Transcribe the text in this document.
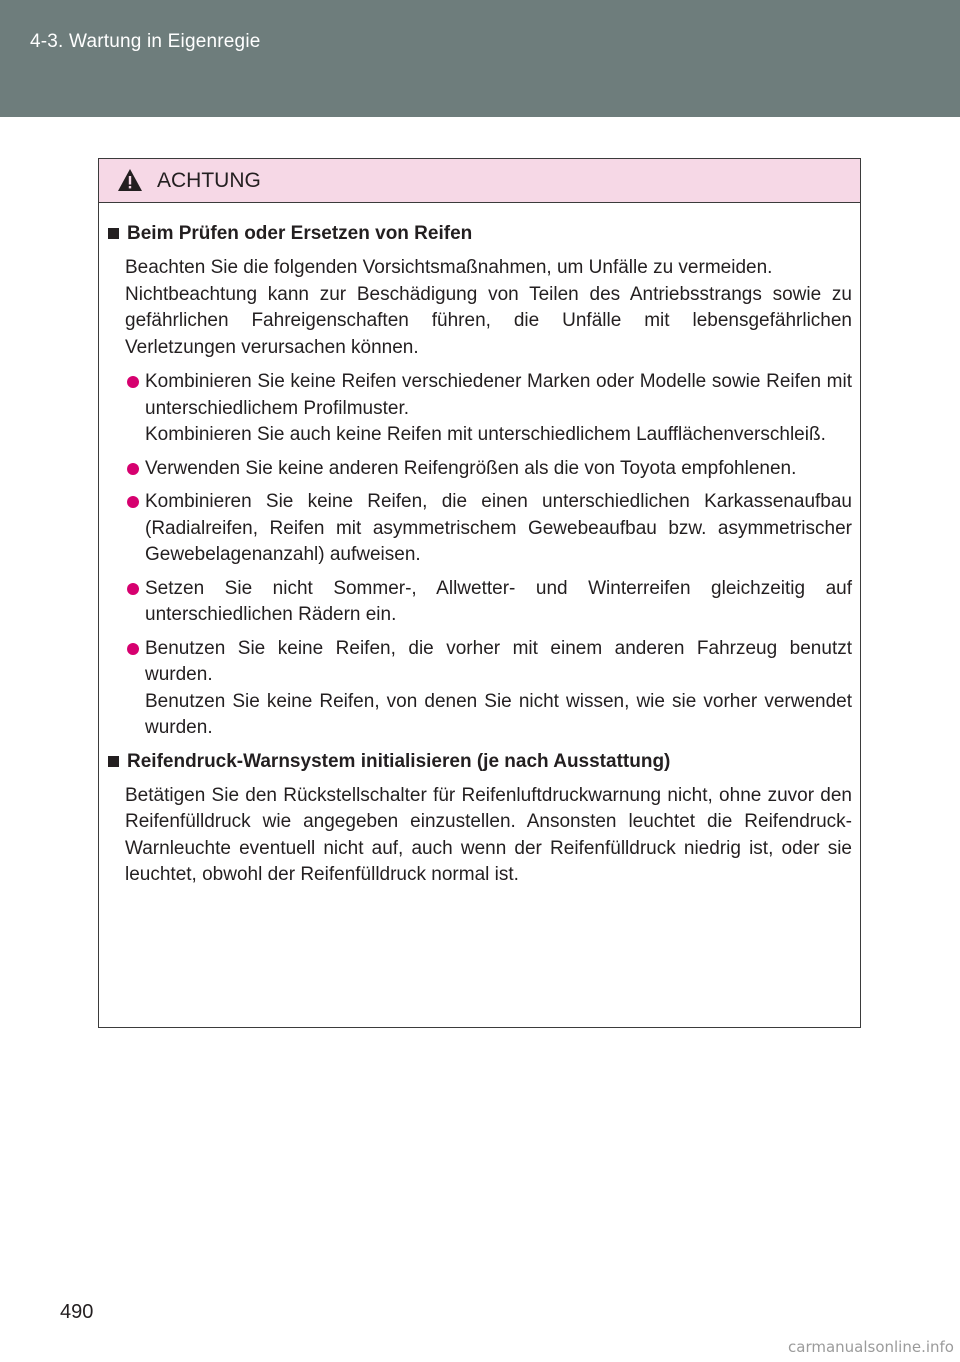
4-3. Wartung in Eigenregie
ACHTUNG
Beim Prüfen oder Ersetzen von Reifen

Beachten Sie die folgenden Vorsichtsmaßnahmen, um Unfälle zu vermeiden.

Nichtbeachtung kann zur Beschädigung von Teilen des Antriebsstrangs sowie zu gefährlichen Fahreigenschaften führen, die Unfälle mit lebensgefährlichen Verletzungen verursachen können.

Kombinieren Sie keine Reifen verschiedener Marken oder Modelle sowie Reifen mit unterschiedlichem Profilmuster.

Kombinieren Sie auch keine Reifen mit unterschiedlichem Laufflächenverschleiß.

Verwenden Sie keine anderen Reifengrößen als die von Toyota empfohlenen.

Kombinieren Sie keine Reifen, die einen unterschiedlichen Karkassenaufbau (Radialreifen, Reifen mit asymmetrischem Gewebeaufbau bzw. asymmetrischer Gewebelagenanzahl) aufweisen.

Setzen Sie nicht Sommer-, Allwetter- und Winterreifen gleichzeitig auf unterschiedlichen Rädern ein.

Benutzen Sie keine Reifen, die vorher mit einem anderen Fahrzeug benutzt wurden.

Benutzen Sie keine Reifen, von denen Sie nicht wissen, wie sie vorher verwendet wurden.

Reifendruck-Warnsystem initialisieren (je nach Ausstattung)

Betätigen Sie den Rückstellschalter für Reifenluftdruckwarnung nicht, ohne zuvor den Reifenfülldruck wie angegeben einzustellen. Ansonsten leuchtet die Reifendruck-Warnleuchte eventuell nicht auf, auch wenn der Reifenfülldruck niedrig ist, oder sie leuchtet, obwohl der Reifenfülldruck normal ist.

490
carmanualsonline.info
